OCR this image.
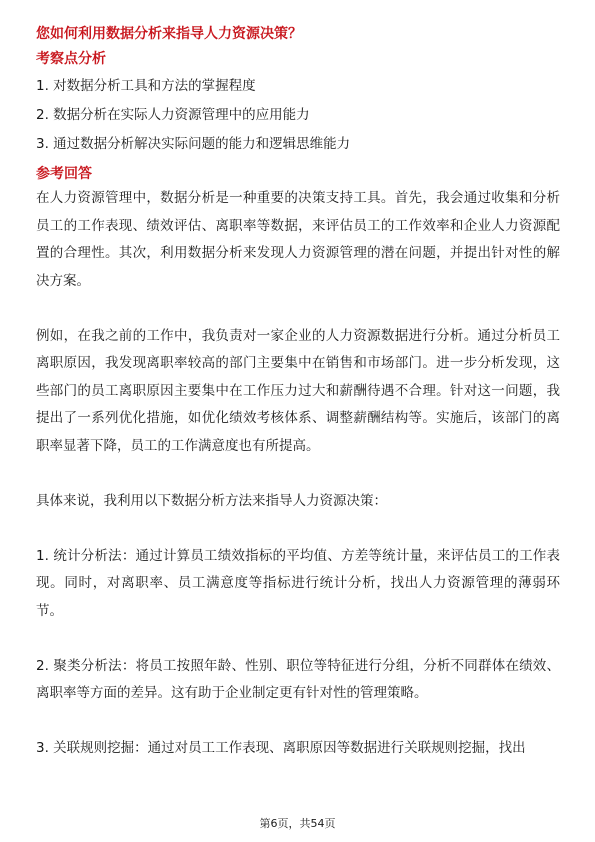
您如何利用数据分析来指导人力资源决策？
考察点分析
1. 对数据分析工具和方法的掌握程度
2. 数据分析在实际人力资源管理中的应用能力
3. 通过数据分析解决实际问题的能力和逻辑思维能力
参考回答

在人力资源管理中，数据分析是一种重要的决策支持工具。首先，我会通过收集和分析员工的工作表现、绩效评估、离职率等数据，来评估员工的工作效率和企业人力资源配置的合理性。其次，利用数据分析来发现人力资源管理的潜在问题，并提出针对性的解决方案。

例如，在我之前的工作中，我负责对一家企业的人力资源数据进行分析。通过分析员工离职原因，我发现离职率较高的部门主要集中在销售和市场部门。进一步分析发现，这些部门的员工离职原因主要集中在工作压力过大和薪酬待遇不合理。针对这一问题，我提出了一系列优化措施，如优化绩效考核体系、调整薪酬结构等。实施后，该部门的离职率显著下降，员工的工作满意度也有所提高。

具体来说，我利用以下数据分析方法来指导人力资源决策：

1. 统计分析法：通过计算员工绩效指标的平均值、方差等统计量，来评估员工的工作表现。同时，对离职率、员工满意度等指标进行统计分析，找出人力资源管理的薄弱环节。

2. 聚类分析法：将员工按照年龄、性别、职位等特征进行分组，分析不同群体在绩效、离职率等方面的差异。这有助于企业制定更有针对性的管理策略。

3. 关联规则挖掘：通过对员工工作表现、离职原因等数据进行关联规则挖掘，找出

第6页，共54页
